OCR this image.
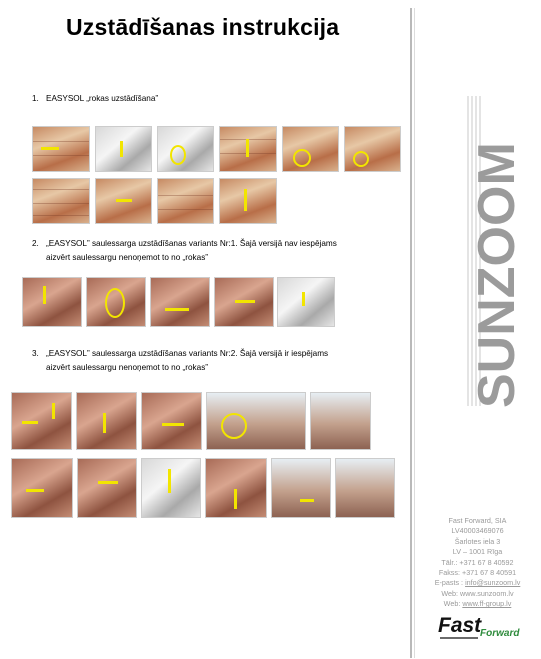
Uzstādīšanas instrukcija
1. EASYSOL „rokas uzstādīšana”
2. „EASYSOL” saulessarga uzstādīšanas variants Nr:1. Šajā versijā nav iespējams
aizvērt saulessargu nenoņemot to no „rokas”
3. „EASYSOL” saulessarga uzstādīšanas variants Nr:2. Šajā versijā ir iespējams
aizvērt saulessargu nenoņemot to no „rokas”	SUNZOOM
Fast Forward, SIA
LV40003469076
Šarlotes iela 3
LV – 1001 Rīga
Tālr.: +371 67 8 40592
Fakss: +371 67 8 40591
E-pasts : info@sunzoom.lv
Web: www.sunzoom.lv
Web: www.ff-group.lv
Fast
Forward
